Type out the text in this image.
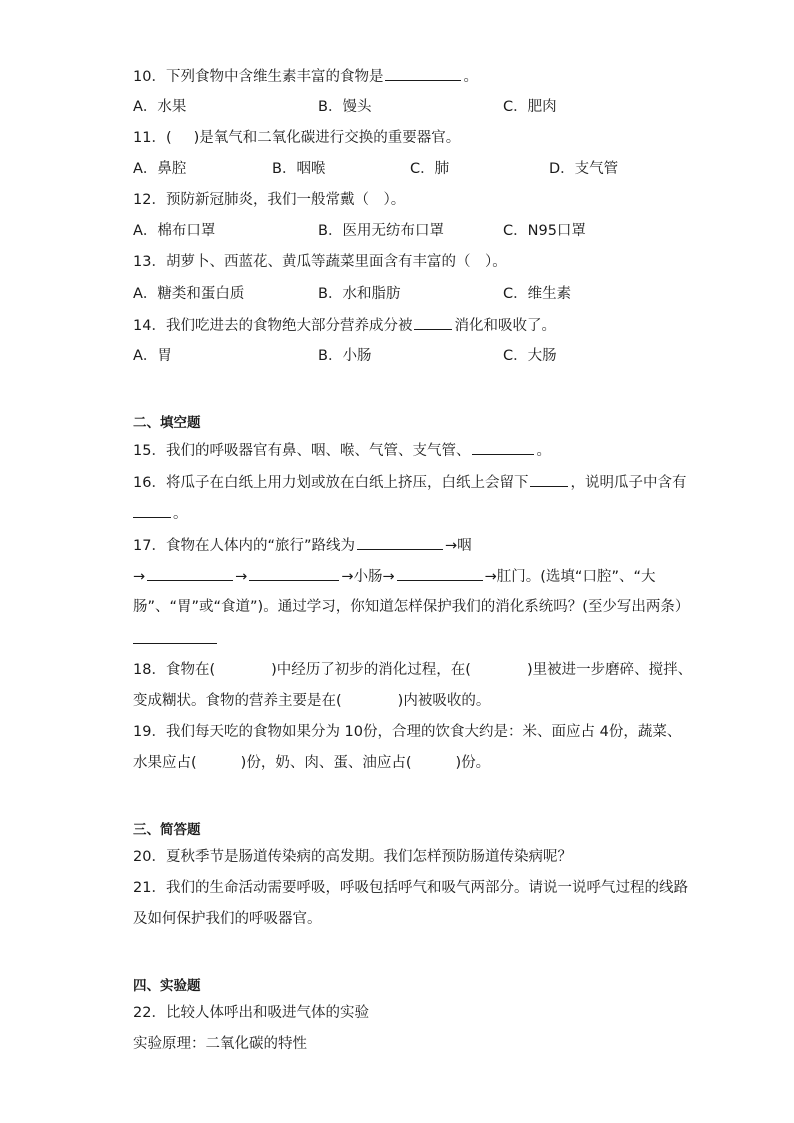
10．下列食物中含维生素丰富的食物是	。
A．水果	B．馒头	C．肥肉
11．( )是氧气和二氧化碳进行交换的重要器官。
A．鼻腔	B．咽喉	C．肺	D．支气管
12．预防新冠肺炎，我们一般常戴（　）。
A．棉布口罩	B．医用无纺布口罩	C．N95口罩
13．胡萝卜、西蓝花、黄瓜等蔬菜里面含有丰富的（　）。
A．糖类和蛋白质	B．水和脂肪	C．维生素
14．我们吃进去的食物绝大部分营养成分被	消化和吸收了。
A．胃	B．小肠	C．大肠
二、填空题
15．我们的呼吸器官有鼻、咽、喉、气管、支气管、	。
16．将瓜子在白纸上用力划或放在白纸上挤压，白纸上会留下	，说明瓜子中含有
。
17．食物在人体内的“旅行”路线为	→咽
→	→	→小肠→	→肛门。(选填“口腔”、“大
肠”、“胃”或“食道”)。通过学习，你知道怎样保护我们的消化系统吗？(至少写出两条）
18．食物在(	)中经历了初步的消化过程，在(	)里被进一步磨碎、搅拌、
变成糊状。食物的营养主要是在(	)内被吸收的。
19．我们每天吃的食物如果分为 10份，合理的饮食大约是：米、面应占 4份，蔬菜、
水果应占(	)份，奶、肉、蛋、油应占(	)份。
三、简答题
20．夏秋季节是肠道传染病的高发期。我们怎样预防肠道传染病呢？
21．我们的生命活动需要呼吸，呼吸包括呼气和吸气两部分。请说一说呼气过程的线路
及如何保护我们的呼吸器官。
四、实验题
22．比较人体呼出和吸进气体的实验
实验原理：二氧化碳的特性
